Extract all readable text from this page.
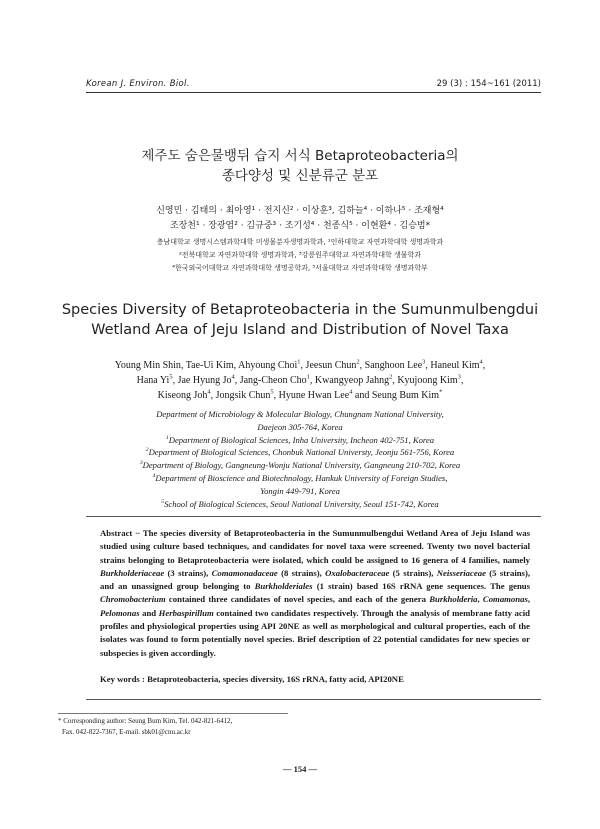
Korean J. Environ. Biol.	29 (3) : 154~161 (2011)
제주도 숨은물뱅뒤 습지 서식 Betaproteobacteria의
종다양성 및 신분류군 분포
신영민 · 김태의 · 최아영¹ · 전지신² · 이상훈³, 김하늘⁴ · 이하나⁵ · 조재형⁴
조장천¹ · 장광엽² · 김규중³ · 조기성⁴ · 천종식⁵ · 이현환⁴ · 김승범*
충남대학교 생명시스템과학대학 미생물분자생명과학과, ¹인하대학교 자연과학대학 생명과학과
²전북대학교 자연과학대학 생명과학과, ³강릉원주대학교 자연과학대학 생물학과
⁴한국외국어대학교 자연과학대학 생명공학과, ⁵서울대학교 자연과학대학 생명과학부
Species Diversity of Betaproteobacteria in the Sumunmulbengdui
Wetland Area of Jeju Island and Distribution of Novel Taxa
Young Min Shin, Tae-Ui Kim, Ahyoung Choi$^1$, Jeesun Chun$^2$, Sanghoon Lee$^3$, Haneul Kim$^4$,
Hana Yi$^5$, Jae Hyung Jo$^4$, Jang-Cheon Cho$^1$, Kwangyeop Jahng$^2$, Kyujoong Kim$^3$,
Kiseong Joh$^4$, Jongsik Chun$^5$, Hyune Hwan Lee$^4$ and Seung Bum Kim*
Department of Microbiology & Molecular Biology, Chungnam National University,
Daejeon 305-764, Korea
$^1$Department of Biological Sciences, Inha University, Incheon 402-751, Korea
$^2$Department of Biological Sciences, Chonbuk National Universty, Jeonju 561-756, Korea
$^3$Department of Biology, Gangneung-Wonju National University, Gangneung 210-702, Korea
$^4$Department of Bioscience and Biotechnology, Hankuk University of Foreign Studies,
Yongin 449-791, Korea
$^5$School of Biological Sciences, Seoul National University, Seoul 151-742, Korea

Abstract − The species diversity of Betaproteobacteria in the Sumunmulbengdui Wetland Area of Jeju Island was studied using culture based techniques, and candidates for novel taxa were screened. Twenty two novel bacterial strains belonging to Betaproteobacteria were isolated, which could be assigned to 16 genera of 4 families, namely Burkholderiaceae (3 strains), Comamonadaceae (8 strains), Oxalobacteraceae (5 strains), Neisseriaceae (5 strains), and an unassigned group belonging to Burkholderiales (1 strain) based 16S rRNA gene sequences. The genus Chromobacterium contained three candidates of novel species, and each of the genera Burkholderia, Comamonas, Pelomonas and Herbaspirillum contained two candidates respectively. Through the analysis of membrane fatty acid profiles and physiological properties using API 20NE as well as morphological and cultural properties, each of the isolates was found to form potentially novel species. Brief description of 22 potential candidates for new species or subspecies is given accordingly.

Key words : Betaproteobacteria, species diversity, 16S rRNA, fatty acid, API20NE

* Corresponding author: Seung Bum Kim, Tel. 042-821-6412,
Fax. 042-822-7367, E-mail. sbk01@cnu.ac.kr
— 154 —
